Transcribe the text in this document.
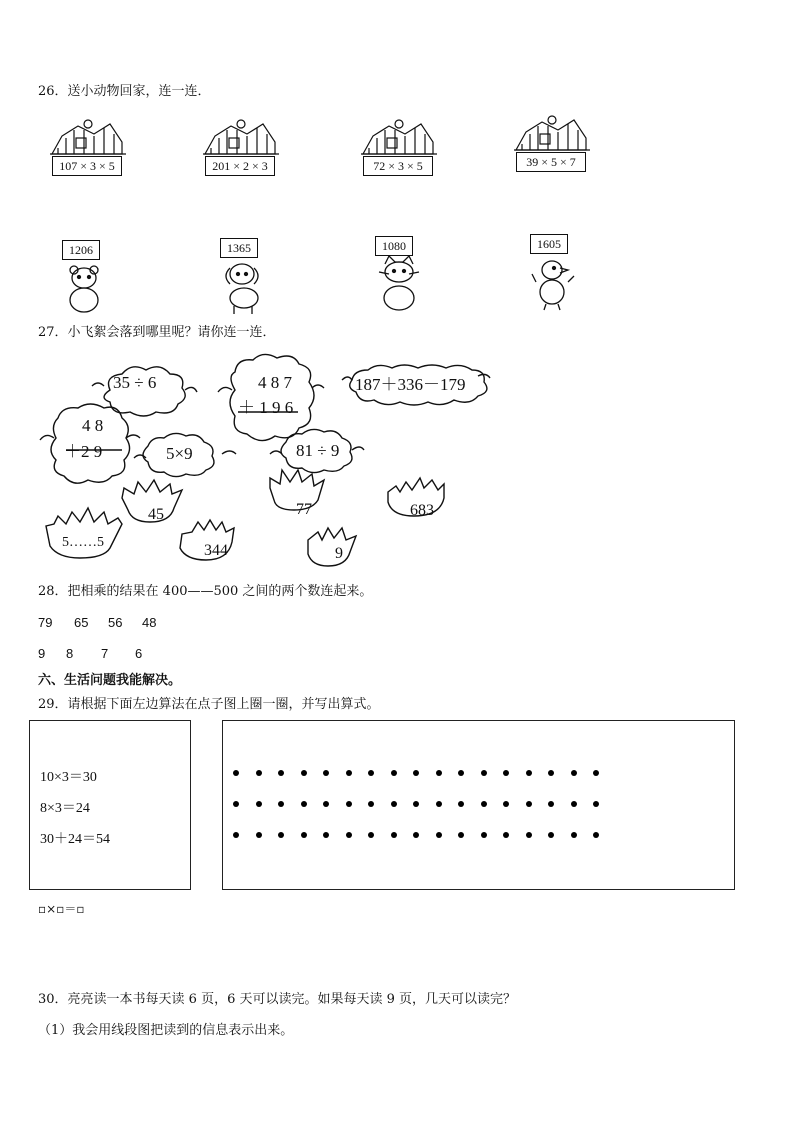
26．送小动物回家，连一连．
107 × 3 × 5	201 × 2 × 3	72 × 3 × 5	39 × 5 × 7
1206	1365	1080	1605
27．小飞絮会落到哪里呢？请你连一连．
35 ÷ 6	4 8 7
＋ 1 9 6
187＋336－179
4 8
＋2 9	5×9	81 ÷ 9
45	77	683
5……5	344	9
28．把相乘的结果在 400——500 之间的两个数连起来。
79 65 56 48
9 8 7 6
六、生活问题我能解决。
29．请根据下面左边算法在点子图上圈一圈，并写出算式。
10×3＝30
8×3＝24
30＋24＝54
▫×▫＝▫
30．亮亮读一本书每天读 6 页，6 天可以读完。如果每天读 9 页，几天可以读完？
（1）我会用线段图把读到的信息表示出来。
